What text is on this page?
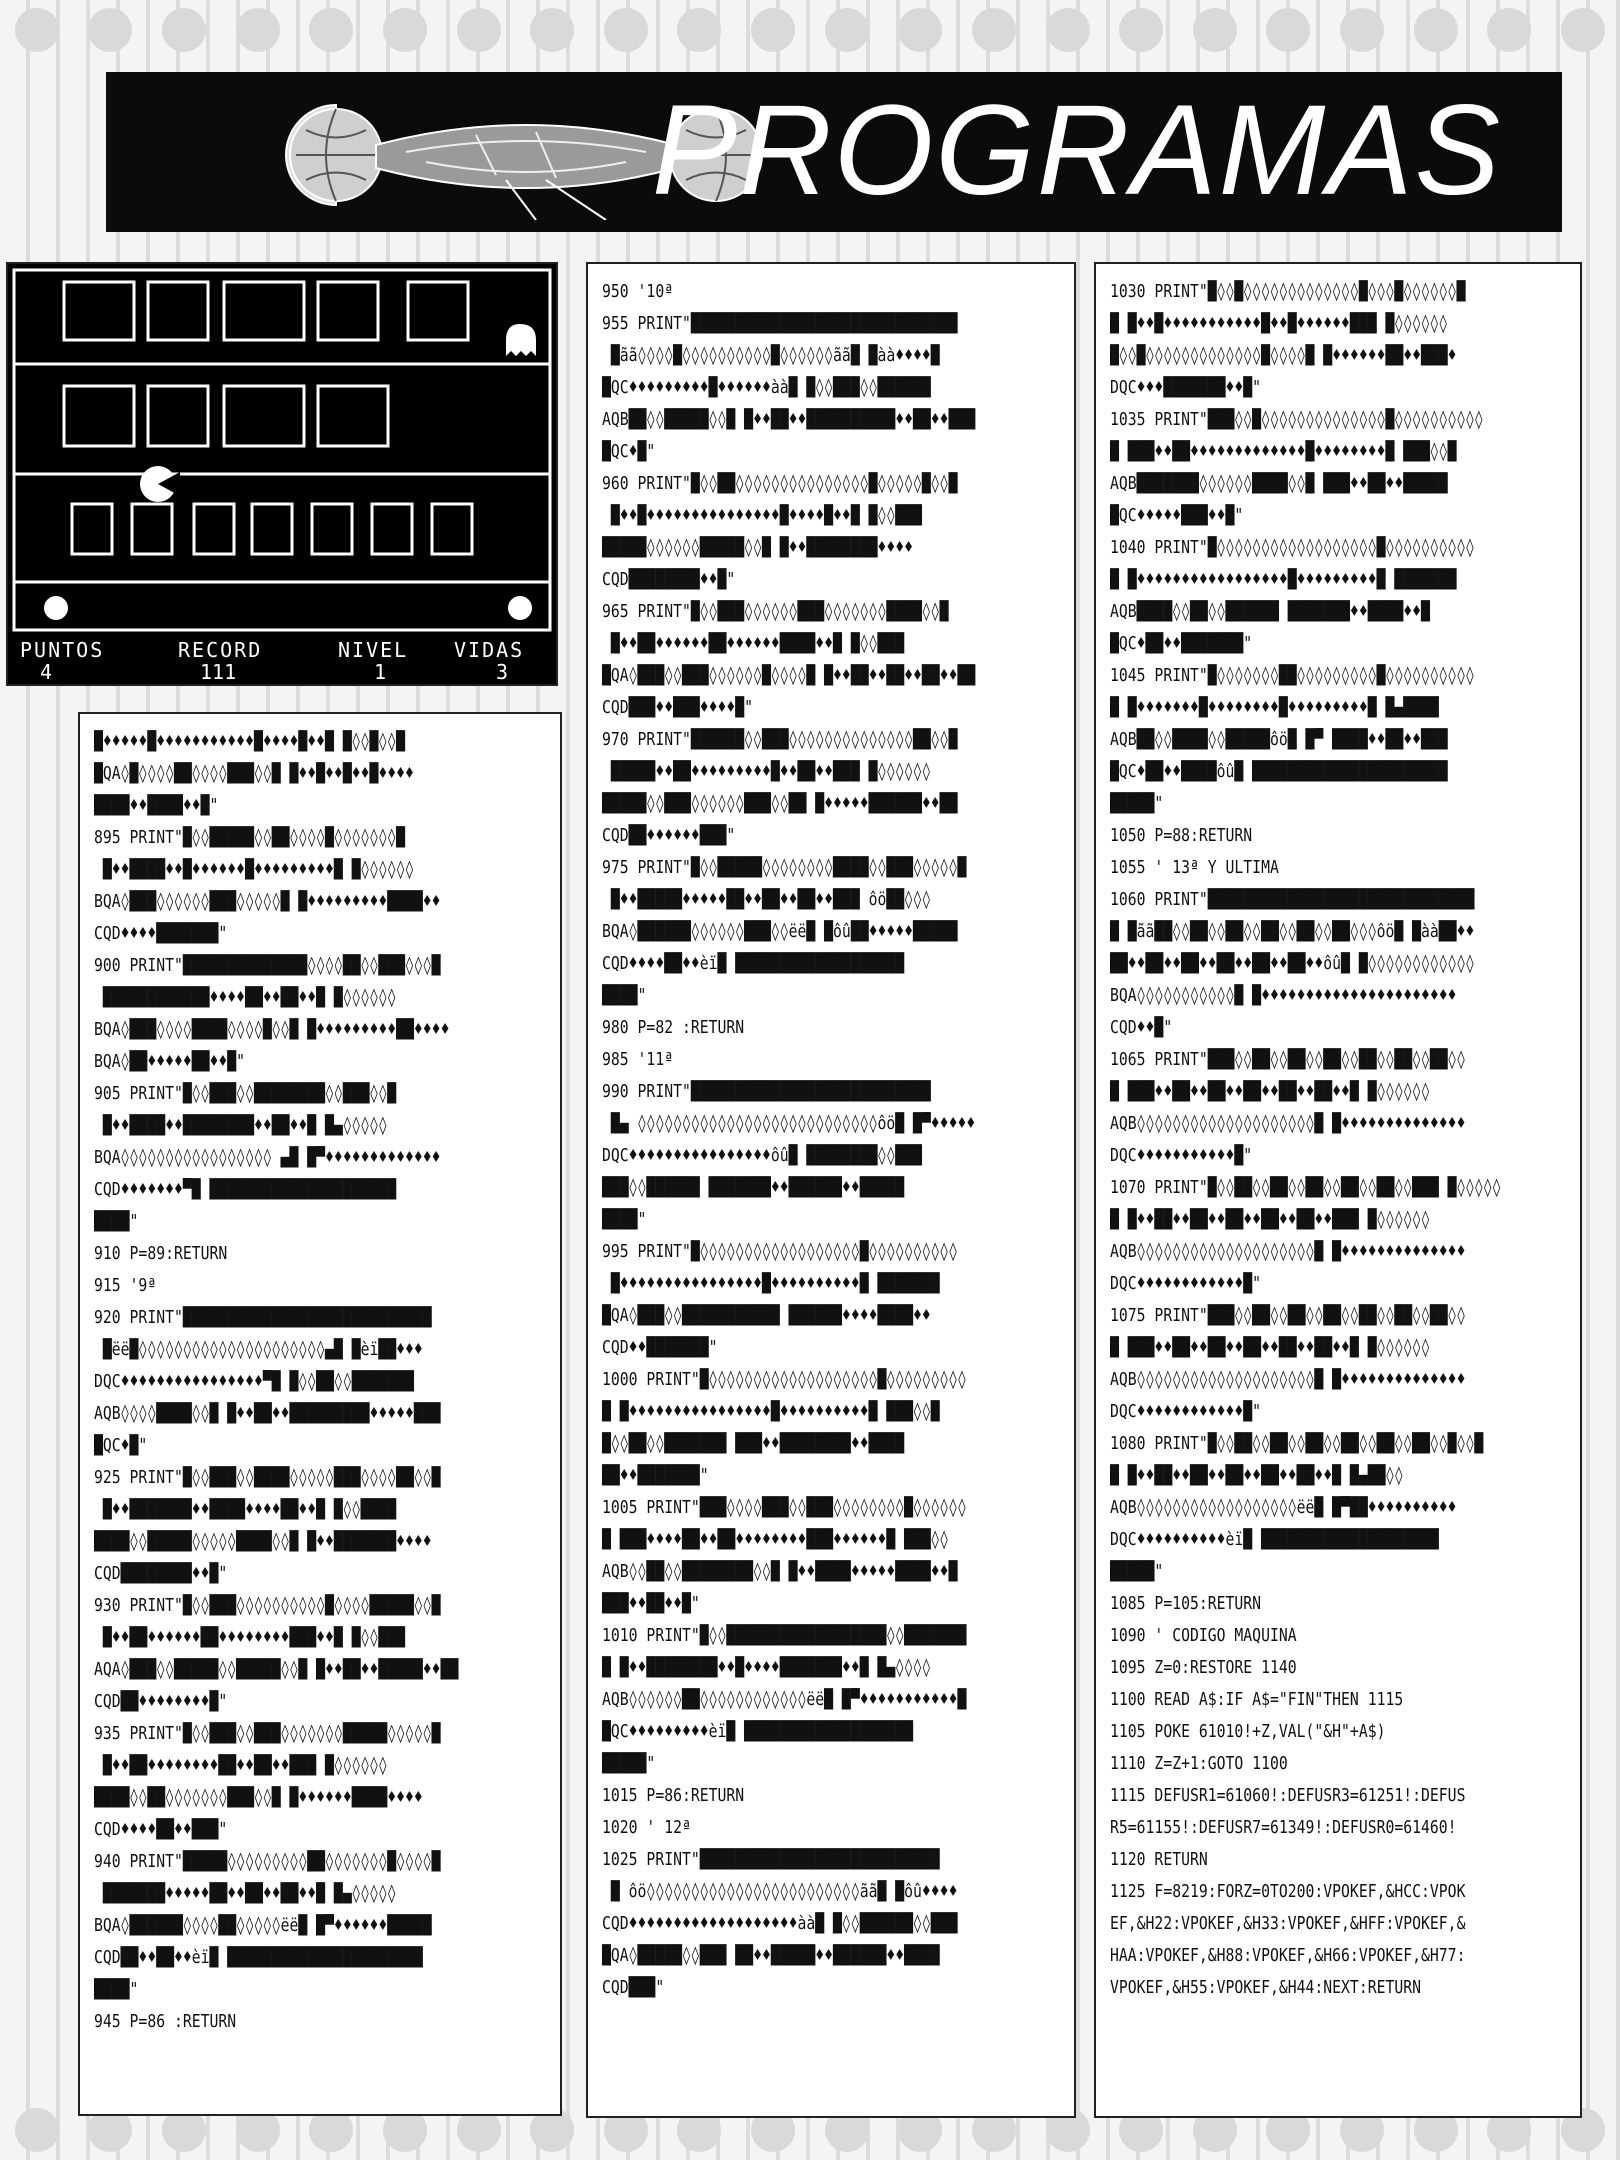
PROGRAMAS
PUNTOS	RECORD	NIVEL VIDAS
4	111	1	3
█♦♦♦♦♦█♦♦♦♦♦♦♦♦♦♦♦█♦♦♦♦█♦♦█ █◊◊█◊◊█
█QA◊█◊◊◊◊██◊◊◊◊███◊◊█ █♦♦█♦♦█♦♦█♦♦♦♦
████♦♦████♦♦█"
895 PRINT"█◊◊█████◊◊██◊◊◊◊█◊◊◊◊◊◊◊█
█♦♦████♦♦█♦♦♦♦♦♦█♦♦♦♦♦♦♦♦♦█ █◊◊◊◊◊◊
BQA◊███◊◊◊◊◊◊███◊◊◊◊◊█ █♦♦♦♦♦♦♦♦♦████♦♦
CQD♦♦♦♦███████"
900 PRINT"██████████████◊◊◊◊██◊◊███◊◊◊█
████████████♦♦♦♦██♦♦██♦♦█ █◊◊◊◊◊◊
BQA◊███◊◊◊◊████◊◊◊◊█◊◊█ █♦♦♦♦♦♦♦♦♦██♦♦♦♦
BQA◊██♦♦♦♦♦██♦♦█"
905 PRINT"█◊◊███◊◊████████◊◊███◊◊█
█♦♦████♦♦████████♦♦██♦♦█ █▄◊◊◊◊◊
BQA◊◊◊◊◊◊◊◊◊◊◊◊◊◊◊◊◊ ▄█ █▀♦♦♦♦♦♦♦♦♦♦♦♦♦
CQD♦♦♦♦♦♦♦▀█ █████████████████████
████"
910 P=89:RETURN
915 '9ª
920 PRINT"████████████████████████████
█ëë█◊◊◊◊◊◊◊◊◊◊◊◊◊◊◊◊◊◊◊◊◊▄█ █èï██♦♦♦
DQC♦♦♦♦♦♦♦♦♦♦♦♦♦♦♦♦▀█ █◊◊██◊◊███████
AQB◊◊◊◊████◊◊█ █♦♦██♦♦█████████♦♦♦♦♦███
█QC♦█"
925 PRINT"█◊◊███◊◊████◊◊◊◊◊███◊◊◊◊██◊◊█
█♦♦███████♦♦████♦♦♦♦██♦♦█ █◊◊████
████◊◊█████◊◊◊◊◊████◊◊█ █♦♦███████♦♦♦♦
CQD████████♦♦█"
930 PRINT"█◊◊███◊◊◊◊◊◊◊◊◊◊█◊◊◊◊█████◊◊█
█♦♦██♦♦♦♦♦♦██♦♦♦♦♦♦♦♦███♦♦█ █◊◊███
AQA◊███◊◊█████◊◊█████◊◊█ █♦♦██♦♦█████♦♦██
CQD██♦♦♦♦♦♦♦♦█"
935 PRINT"█◊◊███◊◊███◊◊◊◊◊◊◊█████◊◊◊◊◊█
█♦♦██♦♦♦♦♦♦♦♦██♦♦██♦♦███ █◊◊◊◊◊◊
████◊◊██◊◊◊◊◊◊◊███◊◊█ █♦♦♦♦♦♦████♦♦♦♦
CQD♦♦♦♦██♦♦███"
940 PRINT"█████◊◊◊◊◊◊◊◊◊██◊◊◊◊◊◊◊█◊◊◊◊█
███████♦♦♦♦♦██♦♦██♦♦██♦♦█ █▄◊◊◊◊◊
BQA◊██████◊◊◊◊██◊◊◊◊◊ëë█ █▀♦♦♦♦♦♦█████
CQD██♦♦██♦♦èï█ ██████████████████████
████"
945 P=86 :RETURN
950 '10ª
955 PRINT"██████████████████████████████
█ãã◊◊◊◊█◊◊◊◊◊◊◊◊◊◊█◊◊◊◊◊◊ãã█ █àà♦♦♦♦█
█QC♦♦♦♦♦♦♦♦♦█♦♦♦♦♦♦àà█ █◊◊███◊◊██████
AQB██◊◊█████◊◊█ █♦♦██♦♦██████████♦♦██♦♦███
█QC♦█"
960 PRINT"█◊◊██◊◊◊◊◊◊◊◊◊◊◊◊◊◊◊█◊◊◊◊◊█◊◊█
█♦♦█♦♦♦♦♦♦♦♦♦♦♦♦♦♦♦█♦♦♦♦█♦♦█ █◊◊███
█████◊◊◊◊◊◊█████◊◊█ █♦♦████████♦♦♦♦
CQD████████♦♦█"
965 PRINT"█◊◊███◊◊◊◊◊◊███◊◊◊◊◊◊◊████◊◊█
█♦♦██♦♦♦♦♦♦██♦♦♦♦♦♦████♦♦█ █◊◊███
█QA◊███◊◊███◊◊◊◊◊◊█◊◊◊◊█ █♦♦██♦♦██♦♦██♦♦██
CQD███♦♦███♦♦♦♦█"
970 PRINT"██████◊◊███◊◊◊◊◊◊◊◊◊◊◊◊◊◊██◊◊█
█████♦♦██♦♦♦♦♦♦♦♦♦█♦♦██♦♦███ █◊◊◊◊◊◊
█████◊◊███◊◊◊◊◊◊███◊◊██ █♦♦♦♦♦██████♦♦██
CQD██♦♦♦♦♦♦███"
975 PRINT"█◊◊█████◊◊◊◊◊◊◊◊████◊◊███◊◊◊◊◊█
█♦♦█████♦♦♦♦♦██♦♦██♦♦██♦♦███ ôö██◊◊◊
BQA◊██████◊◊◊◊◊◊███◊◊ëë█ █ôû██♦♦♦♦♦█████
CQD♦♦♦♦██♦♦èï█ ███████████████████
████"
980 P=82 :RETURN
985 '11ª
990 PRINT"███████████████████████████
█▄ ◊◊◊◊◊◊◊◊◊◊◊◊◊◊◊◊◊◊◊◊◊◊◊◊◊◊◊ôö█ █▀♦♦♦♦♦
DQC♦♦♦♦♦♦♦♦♦♦♦♦♦♦♦♦ôû█ ████████◊◊███
███◊◊██████ ███████♦♦██████♦♦█████
████"
995 PRINT"█◊◊◊◊◊◊◊◊◊◊◊◊◊◊◊◊◊◊█◊◊◊◊◊◊◊◊◊◊
█♦♦♦♦♦♦♦♦♦♦♦♦♦♦♦♦█♦♦♦♦♦♦♦♦♦♦█ ███████
█QA◊███◊◊███████████ ██████♦♦♦♦████♦♦
CQD♦♦███████"
1000 PRINT"█◊◊◊◊◊◊◊◊◊◊◊◊◊◊◊◊◊◊◊█◊◊◊◊◊◊◊◊◊
█ █♦♦♦♦♦♦♦♦♦♦♦♦♦♦♦♦█♦♦♦♦♦♦♦♦♦♦█ ███◊◊█
█◊◊██◊◊███████ ███♦♦████████♦♦████
██♦♦███████"
1005 PRINT"███◊◊◊◊███◊◊███◊◊◊◊◊◊◊◊█◊◊◊◊◊◊
█ ███♦♦♦♦██♦♦██♦♦♦♦♦♦♦♦███♦♦♦♦♦♦█ ███◊◊
AQB◊◊██◊◊████████◊◊█ █♦♦████♦♦♦♦♦████♦♦█
███♦♦██♦♦█"
1010 PRINT"█◊◊██████████████████◊◊███████
█ █♦♦████████♦♦█♦♦♦♦███████♦♦█ █▄◊◊◊◊
AQB◊◊◊◊◊◊██◊◊◊◊◊◊◊◊◊◊◊◊ëë█ █▀♦♦♦♦♦♦♦♦♦♦♦█
█QC♦♦♦♦♦♦♦♦♦èï█ ███████████████████
█████"
1015 P=86:RETURN
1020 ' 12ª
1025 PRINT"███████████████████████████
█ ôö◊◊◊◊◊◊◊◊◊◊◊◊◊◊◊◊◊◊◊◊◊◊◊◊ãã█ █ôû♦♦♦♦
CQD♦♦♦♦♦♦♦♦♦♦♦♦♦♦♦♦♦♦♦àà█ █◊◊██████◊◊███
█QA◊█████◊◊███ ██♦♦█████♦♦██████♦♦████
CQD███"
1030 PRINT"█◊◊█◊◊◊◊◊◊◊◊◊◊◊◊◊█◊◊◊█◊◊◊◊◊◊█
█ █♦♦█♦♦♦♦♦♦♦♦♦♦♦█♦♦█♦♦♦♦♦♦███ █◊◊◊◊◊◊
█◊◊█◊◊◊◊◊◊◊◊◊◊◊◊◊█◊◊◊◊█ █♦♦♦♦♦♦██♦♦███♦
DQC♦♦♦███████♦♦█"
1035 PRINT"███◊◊█◊◊◊◊◊◊◊◊◊◊◊◊◊◊█◊◊◊◊◊◊◊◊◊◊
█ ███♦♦██♦♦♦♦♦♦♦♦♦♦♦♦♦█♦♦♦♦♦♦♦♦█ ███◊◊█
AQB███████◊◊◊◊◊◊████◊◊█ ███♦♦██♦♦█████
█QC♦♦♦♦♦███♦♦█"
1040 PRINT"█◊◊◊◊◊◊◊◊◊◊◊◊◊◊◊◊◊◊█◊◊◊◊◊◊◊◊◊◊
█ █♦♦♦♦♦♦♦♦♦♦♦♦♦♦♦♦♦█♦♦♦♦♦♦♦♦♦█ ███████
AQB████◊◊██◊◊██████ ███████♦♦████♦♦█
█QC♦██♦♦███████"
1045 PRINT"█◊◊◊◊◊◊◊██◊◊◊◊◊◊◊◊◊█◊◊◊◊◊◊◊◊◊◊
█ █♦♦♦♦♦♦♦█♦♦♦♦♦♦♦♦█♦♦♦♦♦♦♦♦♦█ █▄████
AQB██◊◊████◊◊█████ôö█ █▀ ████♦♦██♦♦███
█QC♦██♦♦████ôû█ ██████████████████████
█████"
1050 P=88:RETURN
1055 ' 13ª Y ULTIMA
1060 PRINT"██████████████████████████████
█ █ãã██◊◊██◊◊██◊◊██◊◊██◊◊██◊◊◊ôö█ █àà██♦♦
██♦♦██♦♦██♦♦██♦♦██♦♦██♦♦ôû█ █◊◊◊◊◊◊◊◊◊◊◊◊
BQA◊◊◊◊◊◊◊◊◊◊◊█ █♦♦♦♦♦♦♦♦♦♦♦♦♦♦♦♦♦♦♦♦♦♦
CQD♦♦█"
1065 PRINT"███◊◊██◊◊██◊◊██◊◊██◊◊██◊◊██◊◊
█ ███♦♦██♦♦██♦♦██♦♦██♦♦██♦♦█ █◊◊◊◊◊◊
AQB◊◊◊◊◊◊◊◊◊◊◊◊◊◊◊◊◊◊◊◊█ █♦♦♦♦♦♦♦♦♦♦♦♦♦♦
DQC♦♦♦♦♦♦♦♦♦♦♦█"
1070 PRINT"█◊◊██◊◊██◊◊██◊◊██◊◊██◊◊███ █◊◊◊◊◊
█ █♦♦██♦♦██♦♦██♦♦██♦♦██♦♦███ █◊◊◊◊◊◊
AQB◊◊◊◊◊◊◊◊◊◊◊◊◊◊◊◊◊◊◊◊█ █♦♦♦♦♦♦♦♦♦♦♦♦♦♦
DQC♦♦♦♦♦♦♦♦♦♦♦♦█"
1075 PRINT"███◊◊██◊◊██◊◊██◊◊██◊◊██◊◊██◊◊
█ ███♦♦██♦♦██♦♦██♦♦██♦♦██♦♦█ █◊◊◊◊◊◊
AQB◊◊◊◊◊◊◊◊◊◊◊◊◊◊◊◊◊◊◊◊█ █♦♦♦♦♦♦♦♦♦♦♦♦♦♦
DQC♦♦♦♦♦♦♦♦♦♦♦♦█"
1080 PRINT"█◊◊██◊◊██◊◊██◊◊██◊◊██◊◊██◊◊█◊◊█
█ █♦♦██♦♦██♦♦██♦♦██♦♦██♦♦█ █▄██◊◊
AQB◊◊◊◊◊◊◊◊◊◊◊◊◊◊◊◊◊◊ëë█ █▀██♦♦♦♦♦♦♦♦♦♦
DQC♦♦♦♦♦♦♦♦♦♦èï█ ████████████████████
█████"
1085 P=105:RETURN
1090 ' CODIGO MAQUINA
1095 Z=0:RESTORE 1140
1100 READ A$:IF A$="FIN"THEN 1115
1105 POKE 61010!+Z,VAL("&H"+A$)
1110 Z=Z+1:GOTO 1100
1115 DEFUSR1=61060!:DEFUSR3=61251!:DEFUS
R5=61155!:DEFUSR7=61349!:DEFUSR0=61460!
1120 RETURN
1125 F=8219:FORZ=0TO200:VPOKEF,&HCC:VPOK
EF,&H22:VPOKEF,&H33:VPOKEF,&HFF:VPOKEF,&
HAA:VPOKEF,&H88:VPOKEF,&H66:VPOKEF,&H77:
VPOKEF,&H55:VPOKEF,&H44:NEXT:RETURN
